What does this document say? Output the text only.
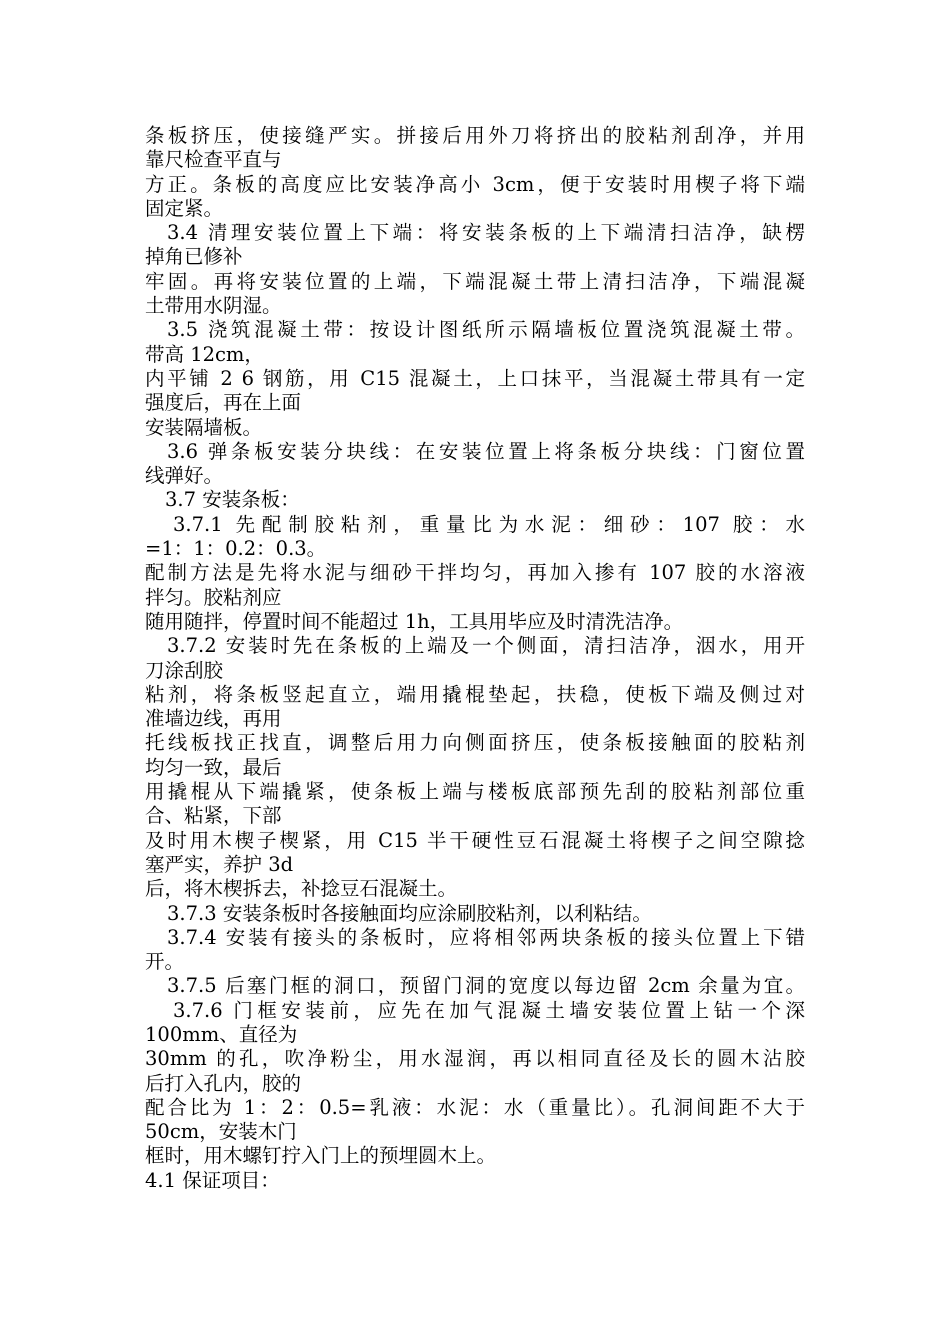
条板挤压，使接缝严实。拼接后用外刀将挤出的胶粘剂刮净，并用
靠尺检查平直与
方正。条板的高度应比安装净高小 3cm，便于安装时用楔子将下端
固定紧。
3.4 清理安装位置上下端：将安装条板的上下端清扫洁净，缺楞
掉角已修补
牢固。再将安装位置的上端，下端混凝土带上清扫洁净，下端混凝
土带用水阴湿。
3.5 浇筑混凝土带：按设计图纸所示隔墙板位置浇筑混凝土带。
带高 12cm，
内平铺 2 6 钢筋，用 C15 混凝土，上口抹平，当混凝土带具有一定
强度后，再在上面
安装隔墙板。
3.6 弹条板安装分块线：在安装位置上将条板分块线：门窗位置
线弹好。
3.7 安装条板：
3.7.1 先配制胶粘剂，重量比为水泥：细砂：107 胶：水
=1：1：0.2：0.3。
配制方法是先将水泥与细砂干拌均匀，再加入掺有 107 胶的水溶液
拌匀。胶粘剂应
随用随拌，停置时间不能超过 1h，工具用毕应及时清洗洁净。
3.7.2 安装时先在条板的上端及一个侧面，清扫洁净，洇水，用开
刀涂刮胶
粘剂，将条板竖起直立，端用撬棍垫起，扶稳，使板下端及侧过对
准墙边线，再用
托线板找正找直，调整后用力向侧面挤压，使条板接触面的胶粘剂
均匀一致，最后
用撬棍从下端撬紧，使条板上端与楼板底部预先刮的胶粘剂部位重
合、粘紧，下部
及时用木楔子楔紧，用 C15 半干硬性豆石混凝土将楔子之间空隙捻
塞严实，养护 3d
后，将木楔拆去，补捻豆石混凝土。
3.7.3 安装条板时各接触面均应涂刷胶粘剂，以利粘结。
3.7.4 安装有接头的条板时，应将相邻两块条板的接头位置上下错
开。
3.7.5 后塞门框的洞口，预留门洞的宽度以每边留 2cm 余量为宜。
3.7.6 门框安装前，应先在加气混凝土墙安装位置上钻一个深
100mm、直径为
30mm 的孔，吹净粉尘，用水湿润，再以相同直径及长的圆木沾胶
后打入孔内，胶的
配合比为 1：2：0.5=乳液：水泥：水（重量比）。孔洞间距不大于
50cm，安装木门
框时，用木螺钉拧入门上的预埋圆木上。
4.1 保证项目：
